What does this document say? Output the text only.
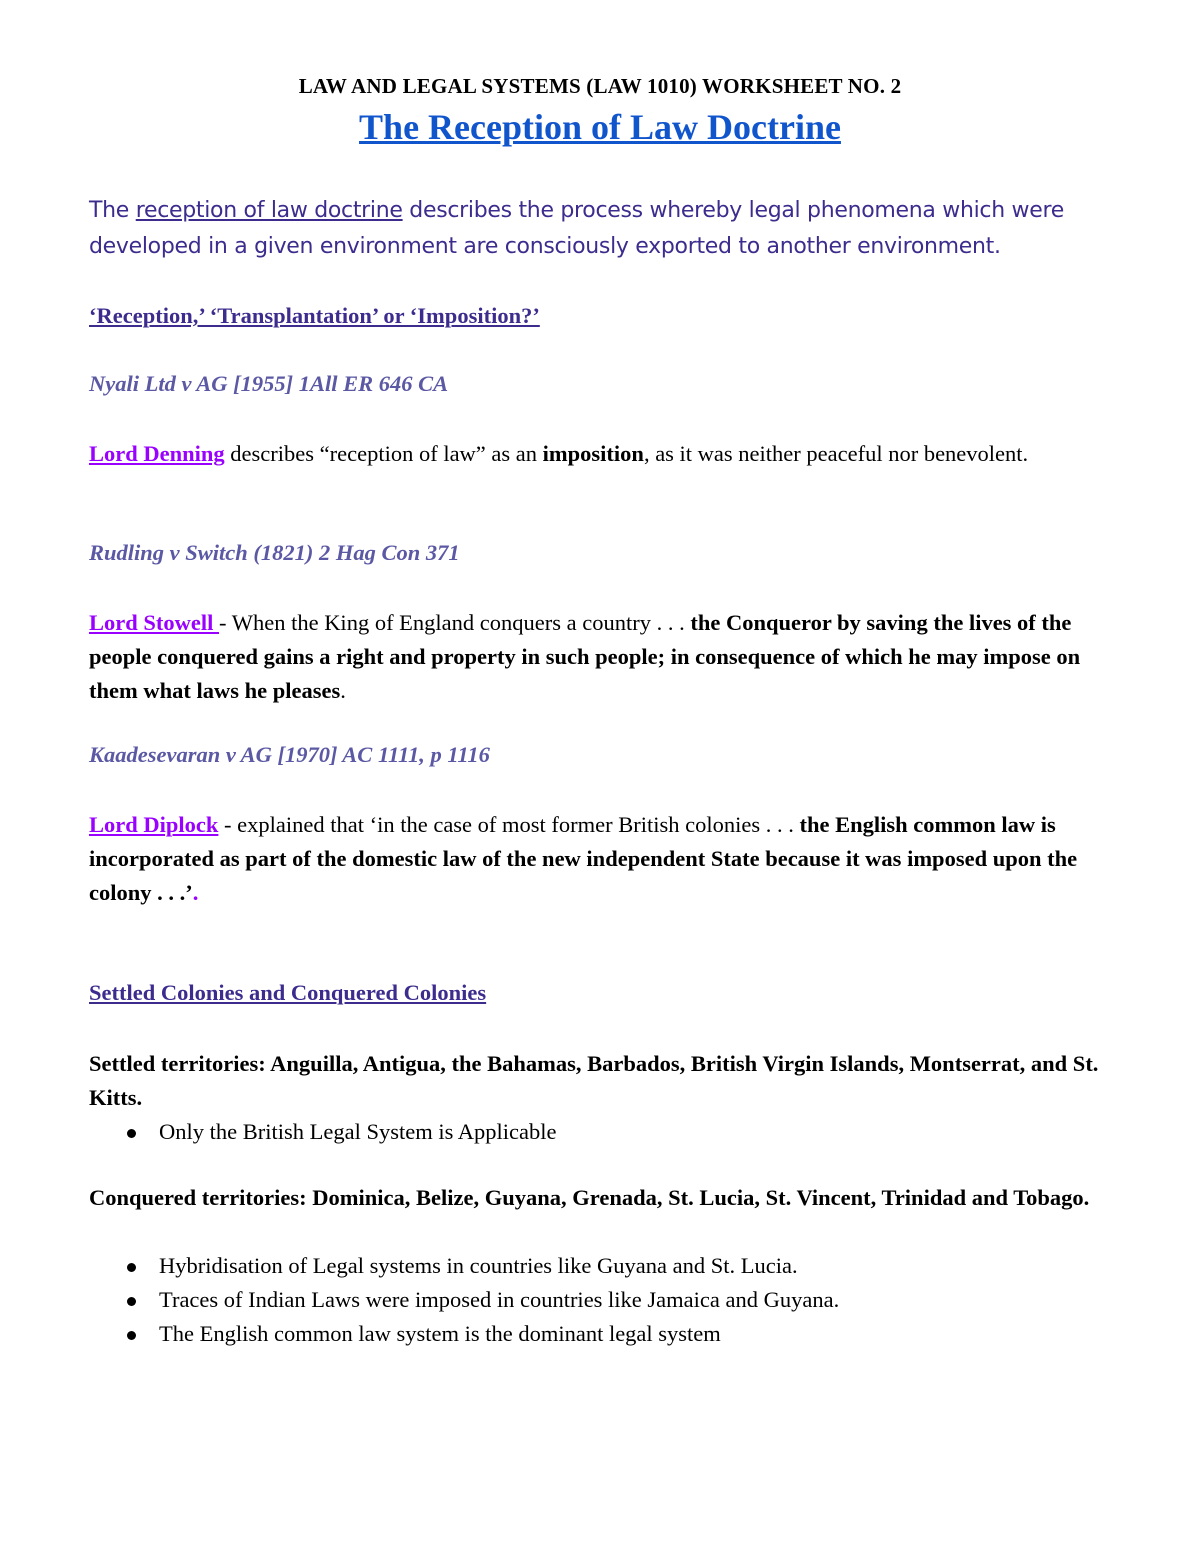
LAW AND LEGAL SYSTEMS (LAW 1010) WORKSHEET NO. 2
The Reception of Law Doctrine
The reception of law doctrine describes the process whereby legal phenomena which were developed in a given environment are consciously exported to another environment.
‘Reception,’ ‘Transplantation’ or ‘Imposition?’
Nyali Ltd v AG [1955] 1All ER 646 CA
Lord Denning describes “reception of law” as an imposition, as it was neither peaceful nor benevolent.
Rudling v Switch (1821) 2 Hag Con 371
Lord Stowell - When the King of England conquers a country . . . the Conqueror by saving the lives of the people conquered gains a right and property in such people; in consequence of which he may impose on them what laws he pleases.
Kaadesevaran v AG [1970] AC 1111, p 1116
Lord Diplock - explained that ‘in the case of most former British colonies . . . the English common law is incorporated as part of the domestic law of the new independent State because it was imposed upon the colony . . .’.
Settled Colonies and Conquered Colonies
Settled territories: Anguilla, Antigua, the Bahamas, Barbados, British Virgin Islands, Montserrat, and St. Kitts.
Only the British Legal System is Applicable
Conquered territories: Dominica, Belize, Guyana, Grenada, St. Lucia, St. Vincent, Trinidad and Tobago.
Hybridisation of Legal systems in countries like Guyana and St. Lucia.
Traces of Indian Laws were imposed in countries like Jamaica and Guyana.
The English common law system is the dominant legal system
